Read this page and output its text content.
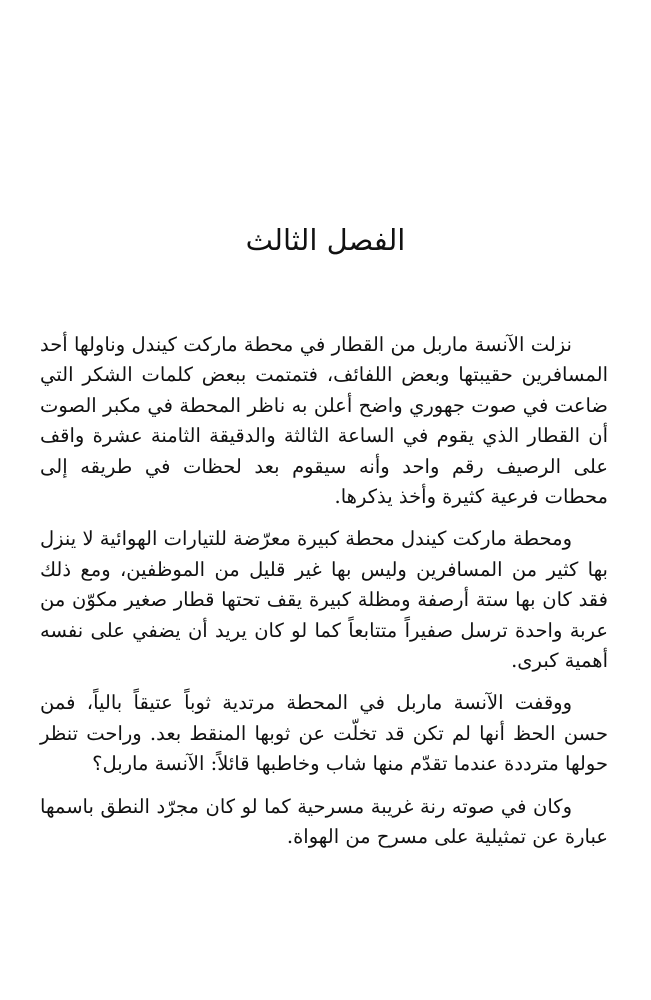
الفصل الثالث

نزلت الآنسة ماربل من القطار في محطة ماركت كيندل وناولها أحد المسافرين حقيبتها وبعض اللفائف، فتمتمت ببعض كلمات الشكر التي ضاعت في صوت جهوري واضح أعلن به ناظر المحطة في مكبر الصوت أن القطار الذي يقوم في الساعة الثالثة والدقيقة الثامنة عشرة واقف على الرصيف رقم واحد وأنه سيقوم بعد لحظات في طريقه إلى محطات فرعية كثيرة وأخذ يذكرها.

ومحطة ماركت كيندل محطة كبيرة معرّضة للتيارات الهوائية لا ينزل بها كثير من المسافرين وليس بها غير قليل من الموظفين، ومع ذلك فقد كان بها ستة أرصفة ومظلة كبيرة يقف تحتها قطار صغير مكوّن من عربة واحدة ترسل صفيراً متتابعاً كما لو كان يريد أن يضفي على نفسه أهمية كبرى.

ووقفت الآنسة ماربل في المحطة مرتدية ثوباً عتيقاً بالياً، فمن حسن الحظ أنها لم تكن قد تخلّت عن ثوبها المنقط بعد. وراحت تنظر حولها مترددة عندما تقدّم منها شاب وخاطبها قائلاً: الآنسة ماربل؟

وكان في صوته رنة غريبة مسرحية كما لو كان مجرّد النطق باسمها عبارة عن تمثيلية على مسرح من الهواة.
